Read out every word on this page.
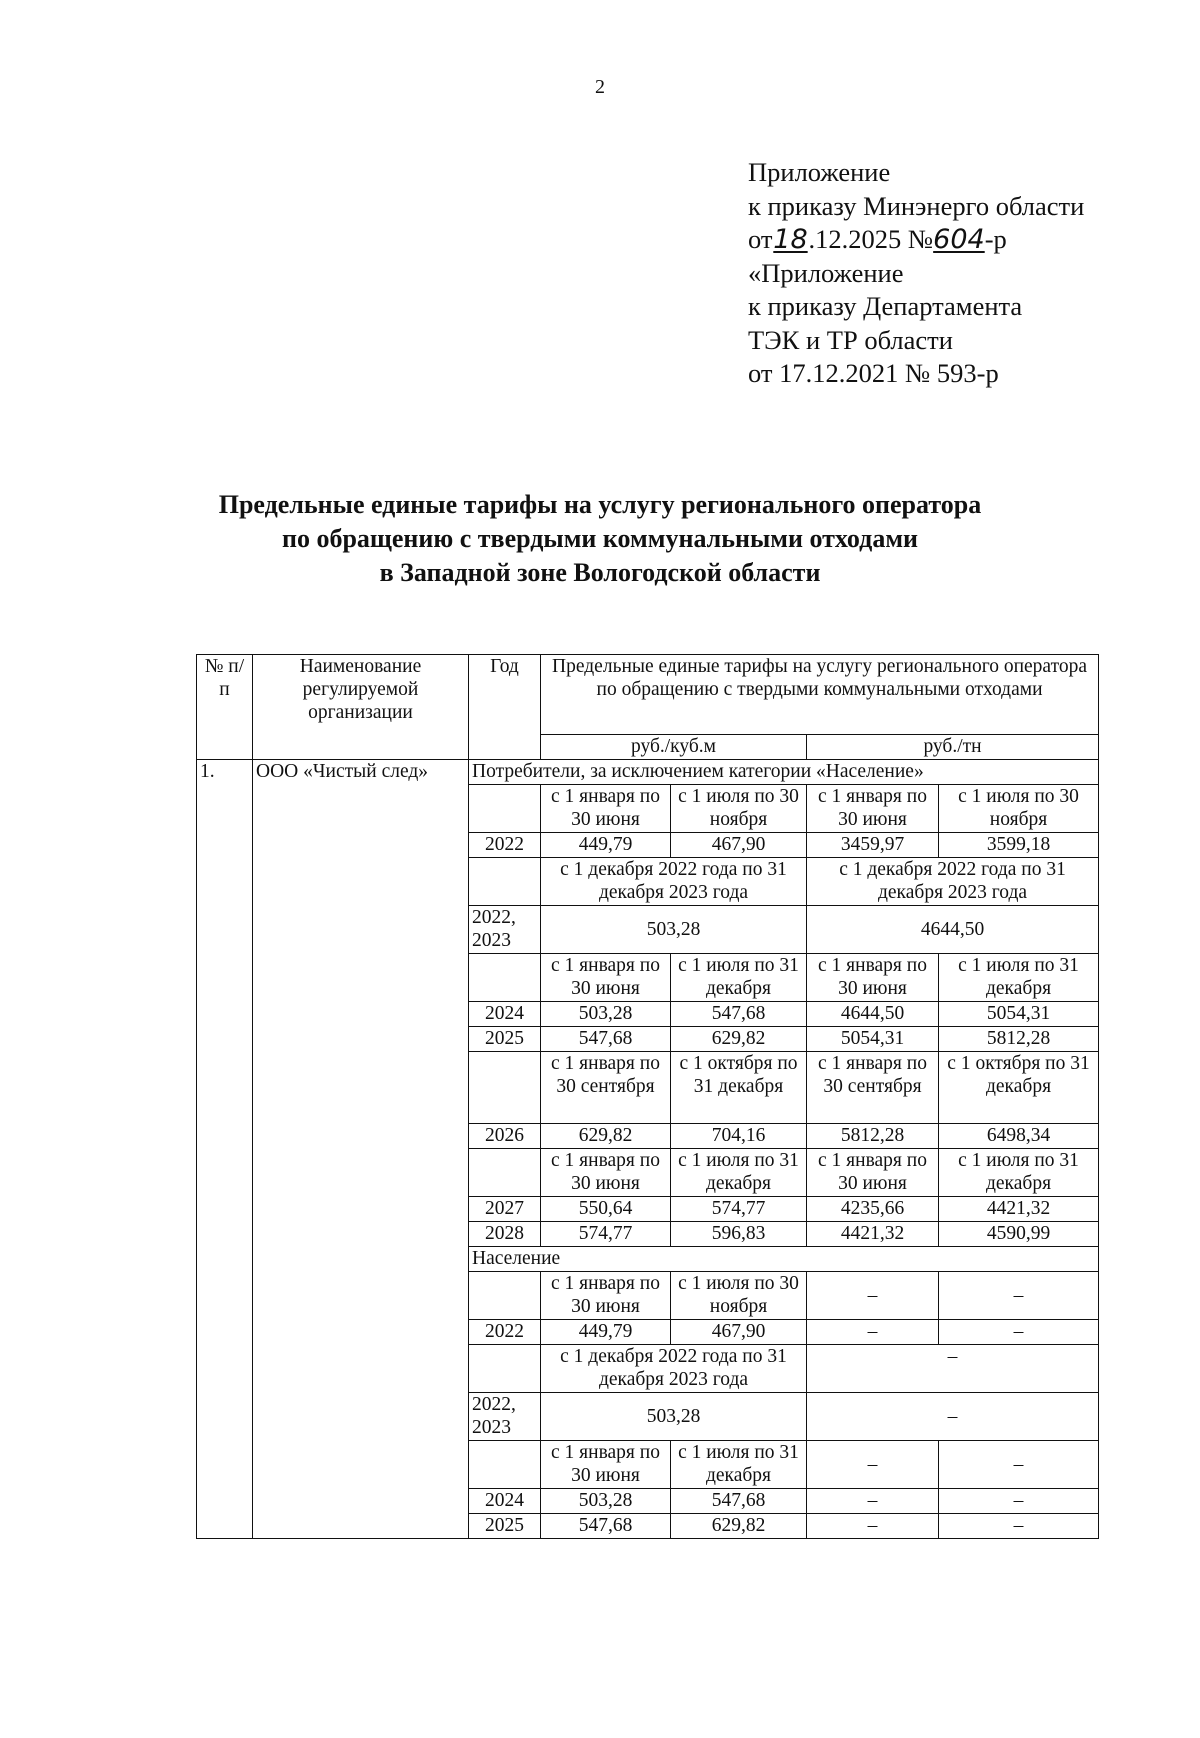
2
Приложение
к приказу Минэнерго области
от18.12.2025 №604-р
«Приложение
к приказу Департамента
ТЭК и ТР области
от 17.12.2021 № 593-р
Предельные единые тарифы на услугу регионального оператора
по обращению с твердыми коммунальными отходами
в Западной зоне Вологодской области
№ п/п	Наименование регулируемой организации	Год	Предельные единые тарифы на услугу регионального оператора по обращению с твердыми коммунальными отходами			
			руб./куб.м		руб./тн	
1.	ООО «Чистый след»	Потребители, за исключением категории «Население»				
			с 1 января по 30 июня	с 1 июля по 30 ноября	с 1 января по 30 июня	с 1 июля по 30 ноября
		2022	449,79	467,90	3459,97	3599,18
			с 1 декабря 2022 года по 31 декабря 2023 года		с 1 декабря 2022 года по 31 декабря 2023 года	
		2022, 2023	503,28		4644,50	
			с 1 января по 30 июня	с 1 июля по 31 декабря	с 1 января по 30 июня	с 1 июля по 31 декабря
		2024	503,28	547,68	4644,50	5054,31
		2025	547,68	629,82	5054,31	5812,28
			с 1 января по 30 сентября	с 1 октября по 31 декабря	с 1 января по 30 сентября	с 1 октября по 31 декабря
		2026	629,82	704,16	5812,28	6498,34
			с 1 января по 30 июня	с 1 июля по 31 декабря	с 1 января по 30 июня	с 1 июля по 31 декабря
		2027	550,64	574,77	4235,66	4421,32
		2028	574,77	596,83	4421,32	4590,99
		Население				
			с 1 января по 30 июня	с 1 июля по 30 ноября	–	–
		2022	449,79	467,90	–	–
			с 1 декабря 2022 года по 31 декабря 2023 года		–	
		2022, 2023	503,28		–	
			с 1 января по 30 июня	с 1 июля по 31 декабря	–	–
		2024	503,28	547,68	–	–
		2025	547,68	629,82	–	–
